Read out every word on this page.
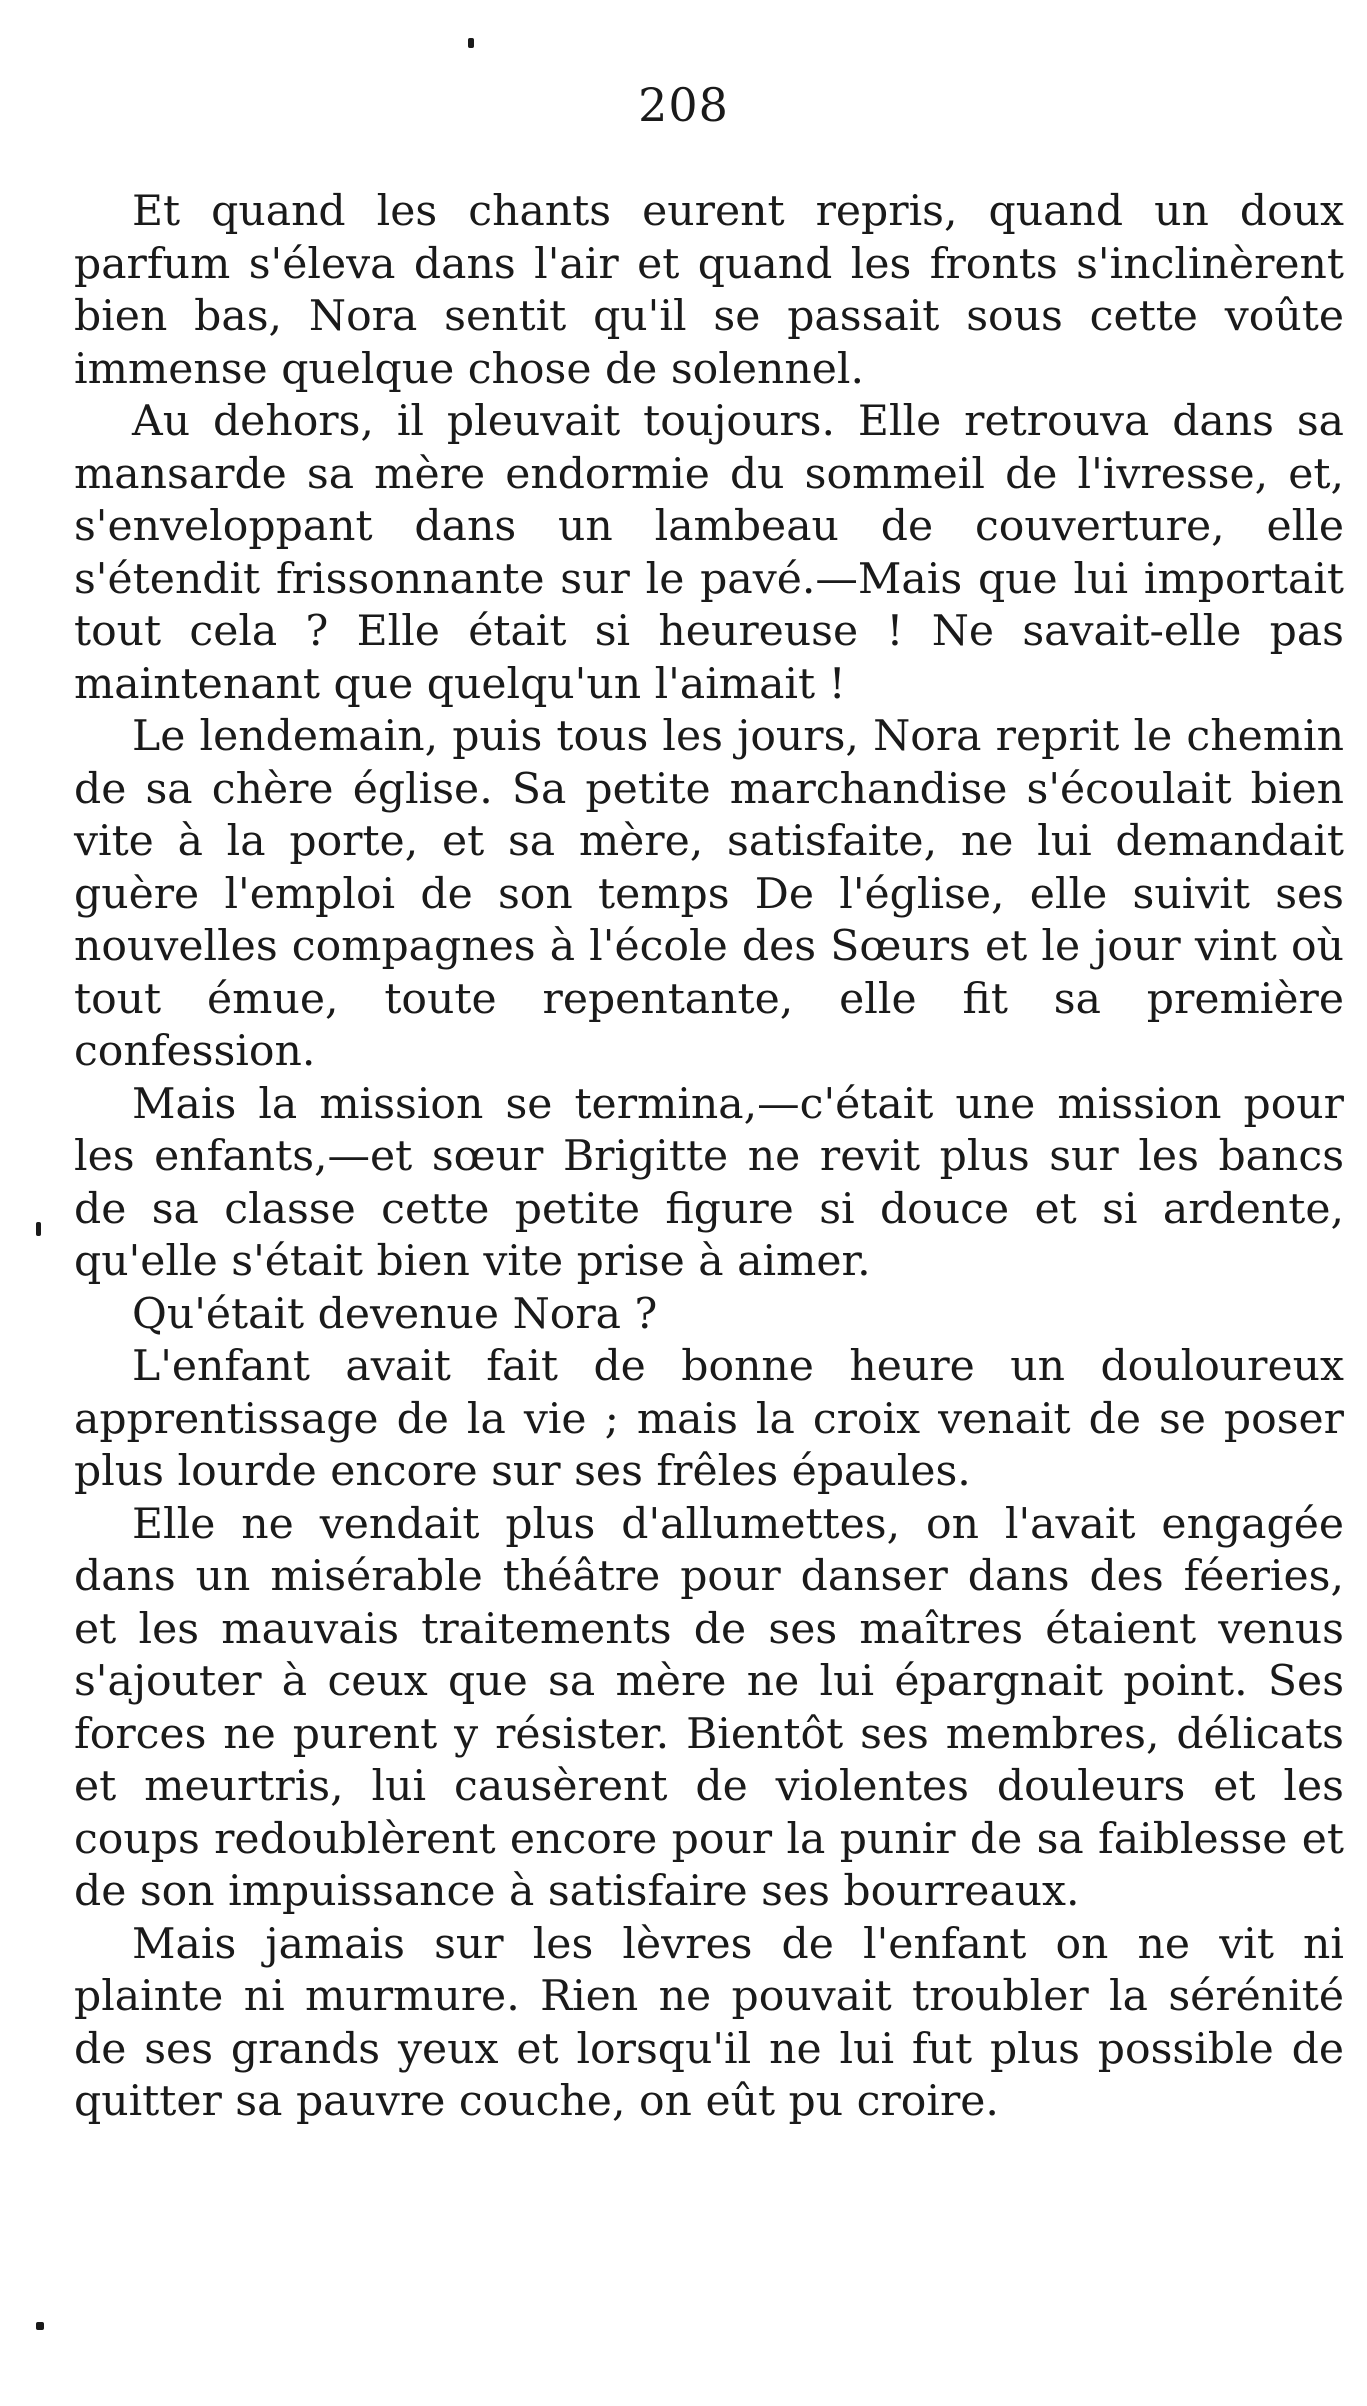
208

Et quand les chants eurent repris, quand un doux parfum s'éleva dans l'air et quand les fronts s'inclinèrent bien bas, Nora sentit qu'il se passait sous cette voûte immense quelque chose de solennel.

Au dehors, il pleuvait toujours. Elle retrouva dans sa mansarde sa mère endormie du sommeil de l'ivresse, et, s'enveloppant dans un lambeau de couverture, elle s'étendit frissonnante sur le pavé.—Mais que lui importait tout cela ? Elle était si heureuse ! Ne savait-elle pas maintenant que quelqu'un l'aimait !

Le lendemain, puis tous les jours, Nora reprit le chemin de sa chère église. Sa petite marchandise s'écoulait bien vite à la porte, et sa mère, satisfaite, ne lui demandait guère l'emploi de son temps De l'église, elle suivit ses nouvelles compagnes à l'école des Sœurs et le jour vint où tout émue, toute repentante, elle fit sa première confession.

Mais la mission se termina,—c'était une mission pour les enfants,—et sœur Brigitte ne revit plus sur les bancs de sa classe cette petite figure si douce et si ardente, qu'elle s'était bien vite prise à aimer.

Qu'était devenue Nora ?

L'enfant avait fait de bonne heure un douloureux apprentissage de la vie ; mais la croix venait de se poser plus lourde encore sur ses frêles épaules.

Elle ne vendait plus d'allumettes, on l'avait engagée dans un misérable théâtre pour danser dans des féeries, et les mauvais traitements de ses maîtres étaient venus s'ajouter à ceux que sa mère ne lui épargnait point. Ses forces ne purent y résister. Bientôt ses membres, délicats et meurtris, lui causèrent de violentes douleurs et les coups redoublèrent encore pour la punir de sa faiblesse et de son impuissance à satisfaire ses bourreaux.

Mais jamais sur les lèvres de l'enfant on ne vit ni plainte ni murmure. Rien ne pouvait troubler la sérénité de ses grands yeux et lorsqu'il ne lui fut plus possible de quitter sa pauvre couche, on eût pu croire.
